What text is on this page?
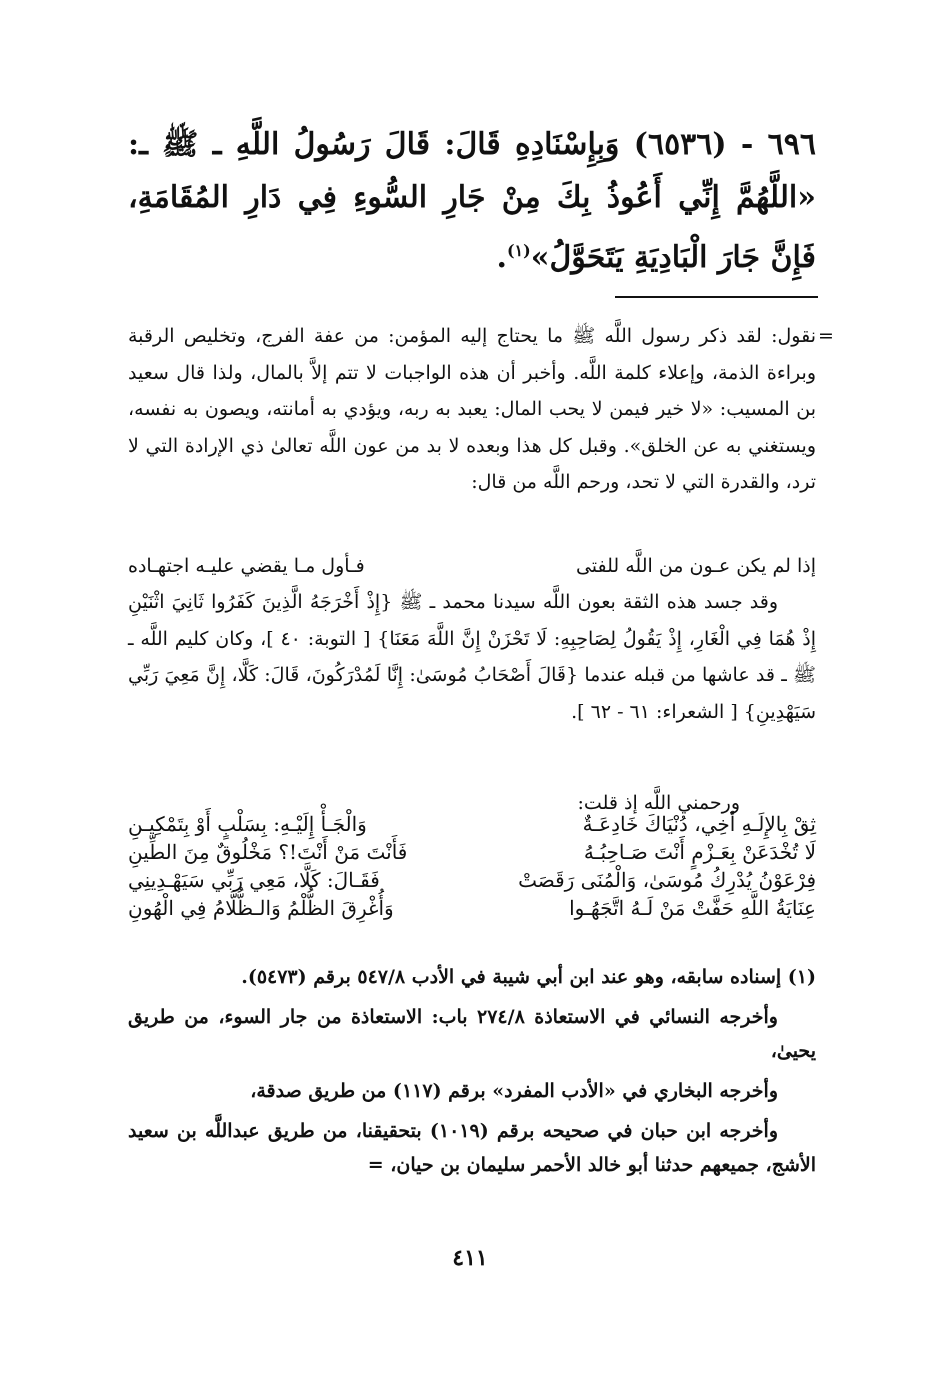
٦٩٦ - (٦٥٣٦) وَبِإِسْنَادِهِ قَالَ: قَالَ رَسُولُ اللَّهِ ـ ﷺ ـ: «اللَّهُمَّ إِنِّي أَعُوذُ بِكَ مِنْ جَارِ السُّوءِ فِي دَارِ المُقَامَةِ، فَإِنَّ جَارَ الْبَادِيَةِ يَتَحَوَّلُ»$^{(١)}$.

=

نقول: لقد ذكر رسول اللَّه ﷺ ما يحتاج إليه المؤمن: من عفة الفرج، وتخليص الرقبة وبراءة الذمة، وإعلاء كلمة اللَّه. وأخبر أن هذه الواجبات لا تتم إلاَّ بالمال، ولذا قال سعيد بن المسيب: «لا خير فيمن لا يحب المال: يعبد به ربه، ويؤدي به أمانته، ويصون به نفسه، ويستغني به عن الخلق». وقبل كل هذا وبعده لا بد من عون اللَّه تعالىٰ ذي الإرادة التي لا ترد، والقدرة التي لا تحد، ورحم اللَّه من قال:

إذا لم يكن عـون من اللَّه للفتى
فـأول مـا يقضي عليـه اجتهـاده

وقد جسد هذه الثقة بعون اللَّه سيدنا محمد ـ ﷺ {إِذْ أَخْرَجَهُ الَّذِينَ كَفَرُوا ثَانِيَ اثْنَيْنِ إِذْ هُمَا فِي الْغَارِ، إِذْ يَقُولُ لِصَاحِبِهِ: لَا تَحْزَنْ إِنَّ اللَّهَ مَعَنَا} [ التوبة: ٤٠ ]، وكان كليم اللَّه ـ ﷺ ـ قد عاشها من قبله عندما {قَالَ أَصْحَابُ مُوسَىٰ: إِنَّا لَمُدْرَكُونَ، قَالَ: كَلَّا، إِنَّ مَعِيَ رَبِّي سَيَهْدِينِ} [ الشعراء: ٦١ - ٦٢ ].

ورحمني اللَّه إذ قلت:

ثِقْ بِالإِلَـهِ أخِي، دُنْيَاكَ خَادِعَـةٌ
وَالْجَـأْ إِلَيْـهِ: بِسَلْبٍ أَوْ بِتَمْكِيـنِ
لَا تُخْدَعَنْ بِعَـزْمٍ أَنْتَ صَـاحِبُـهُ
فَأَنْتَ مَنْ أَنْتَ!؟ مَخْلُوقٌ مِنَ الطِّينِ
فِرْعَوْنُ يُدْرِكُ مُوسَىٰ، وَالْمُنَى رَقَصَتْ
فَقَـالَ: كَلَّا، مَعِي رَبِّي سَيَهْـدِينِي
عِنَايَةُ اللَّهِ حَفَّتْ مَنْ لَـهُ اتَّجَهُـوا
وَأُغْرِقَ الظُّلْمُ وَالـظُّلَّامُ فِي الْهُونِ

(١) إسناده سابقه، وهو عند ابن أبي شيبة في الأدب ٥٤٧/٨ برقم (٥٤٧٣).

وأخرجه النسائي في الاستعاذة ٢٧٤/٨ باب: الاستعاذة من جار السوء، من طريق يحيىٰ،

وأخرجه البخاري في «الأدب المفرد» برقم (١١٧) من طريق صدقة،

وأخرجه ابن حبان في صحيحه برقم (١٠١٩) بتحقيقنا، من طريق عبداللَّه بن سعيد الأشج، جميعهم حدثنا أبو خالد الأحمر سليمان بن حيان، =

٤١١
